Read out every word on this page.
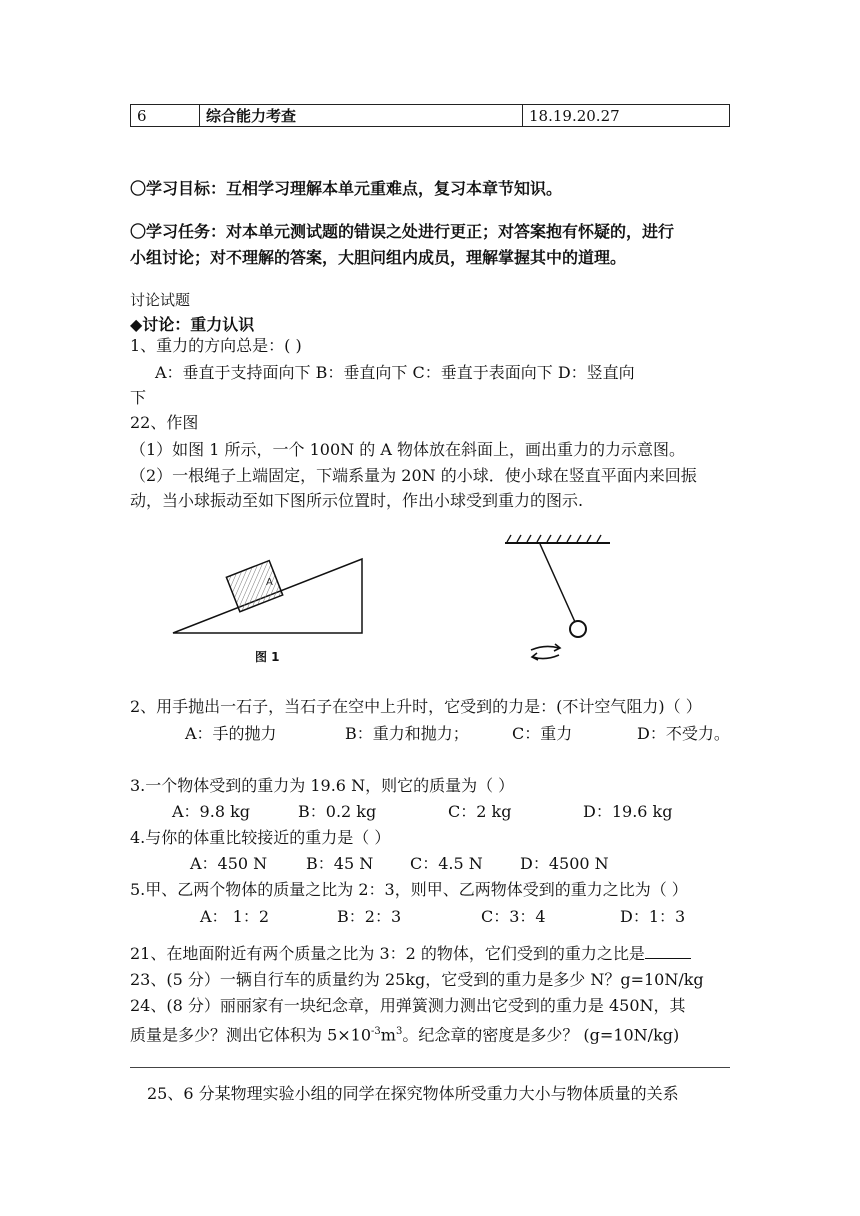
6	综合能力考查	18.19.20.27
〇学习目标：互相学习理解本单元重难点，复习本章节知识。
〇学习任务：对本单元测试题的错误之处进行更正；对答案抱有怀疑的，进行
小组讨论；对不理解的答案，大胆问组内成员，理解掌握其中的道理。
讨论试题
◆讨论：重力认识
1、重力的方向总是：( )
A：垂直于支持面向下 B：垂直向下 C：垂直于表面向下 D：竖直向
下
22、作图
（1）如图 1 所示，一个 100N 的 A 物体放在斜面上，画出重力的力示意图。
（2）一根绳子上端固定，下端系量为 20N 的小球．使小球在竖直平面内来回振
动，当小球振动至如下图所示位置时，作出小球受到重力的图示.
A
图 1
2、用手抛出一石子，当石子在空中上升时，它受到的力是：(不计空气阻力)（ ）
A：手的抛力	B：重力和抛力；	C：重力	D：不受力。
3.一个物体受到的重力为 19.6 N，则它的质量为（ ）
A：9.8 kg	B：0.2 kg	C：2 kg	D：19.6 kg
4.与你的体重比较接近的重力是（ ）
A：450 N B：45 N C：4.5 N D：4500 N
5.甲、乙两个物体的质量之比为 2：3，则甲、乙两物体受到的重力之比为（ ）
A： 1：2	B：2：3	C：3：4	D：1：3
21、在地面附近有两个质量之比为 3：2 的物体，它们受到的重力之比是
23、(5 分）一辆自行车的质量约为 25kg，它受到的重力是多少 N？g=10N/kg
24、(8 分）丽丽家有一块纪念章，用弹簧测力测出它受到的重力是 450N，其
质量是多少？测出它体积为 $5\times 10^{-3}m^3$。纪念章的密度是多少？ (g=10N/kg)
25、6 分某物理实验小组的同学在探究物体所受重力大小与物体质量的关系
